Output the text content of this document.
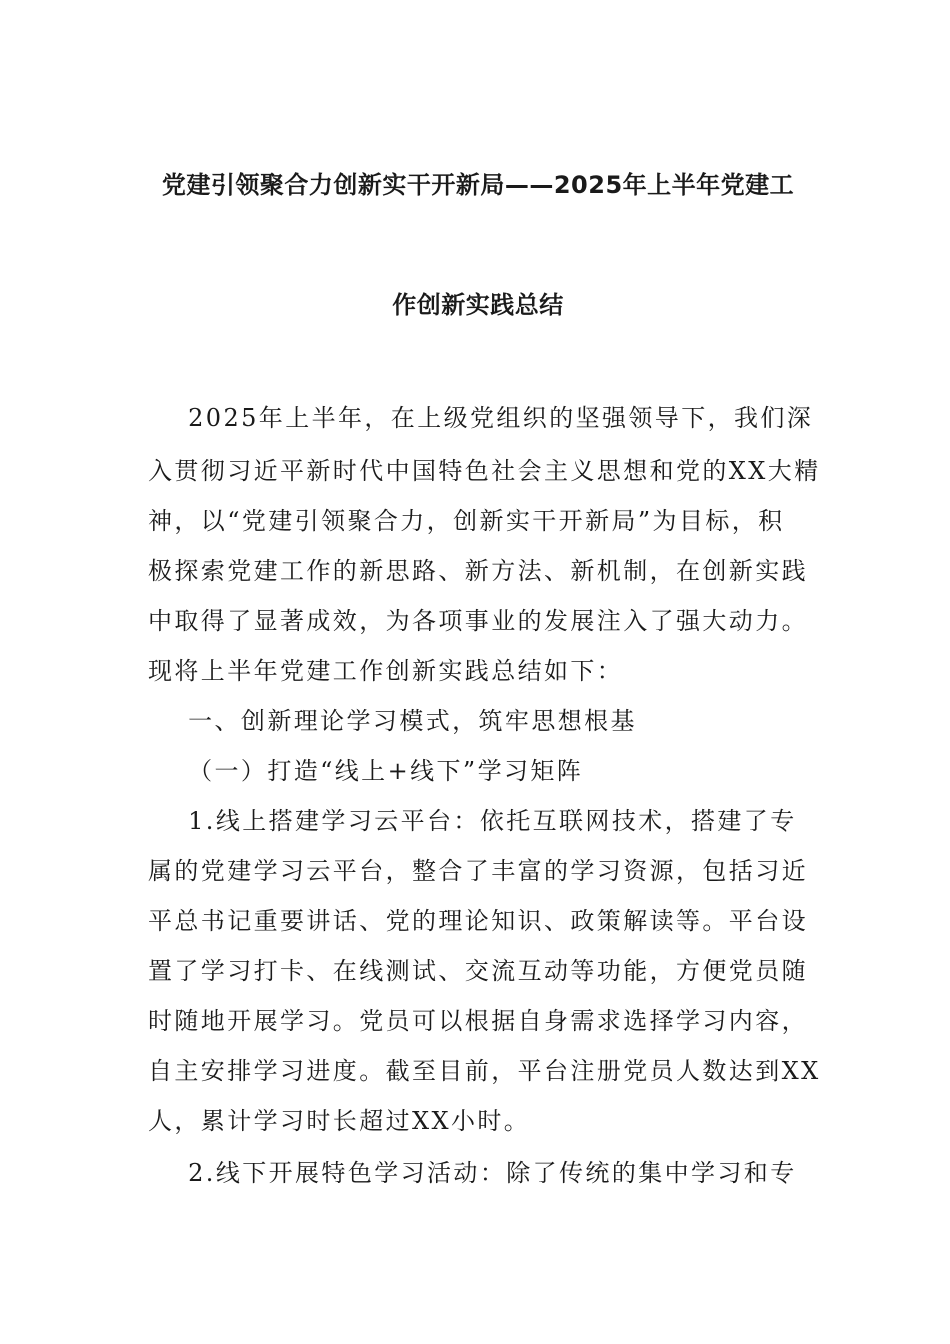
党建引领聚合力创新实干开新局——2025年上半年党建工
作创新实践总结
2025年上半年，在上级党组织的坚强领导下，我们深
入贯彻习近平新时代中国特色社会主义思想和党的XX大精
神，以“党建引领聚合力，创新实干开新局”为目标，积
极探索党建工作的新思路、新方法、新机制，在创新实践
中取得了显著成效，为各项事业的发展注入了强大动力。
现将上半年党建工作创新实践总结如下：
一、创新理论学习模式，筑牢思想根基
（一）打造“线上+线下”学习矩阵
1.线上搭建学习云平台：依托互联网技术，搭建了专
属的党建学习云平台，整合了丰富的学习资源，包括习近
平总书记重要讲话、党的理论知识、政策解读等。平台设
置了学习打卡、在线测试、交流互动等功能，方便党员随
时随地开展学习。党员可以根据自身需求选择学习内容，
自主安排学习进度。截至目前，平台注册党员人数达到XX
人，累计学习时长超过XX小时。
2.线下开展特色学习活动：除了传统的集中学习和专
